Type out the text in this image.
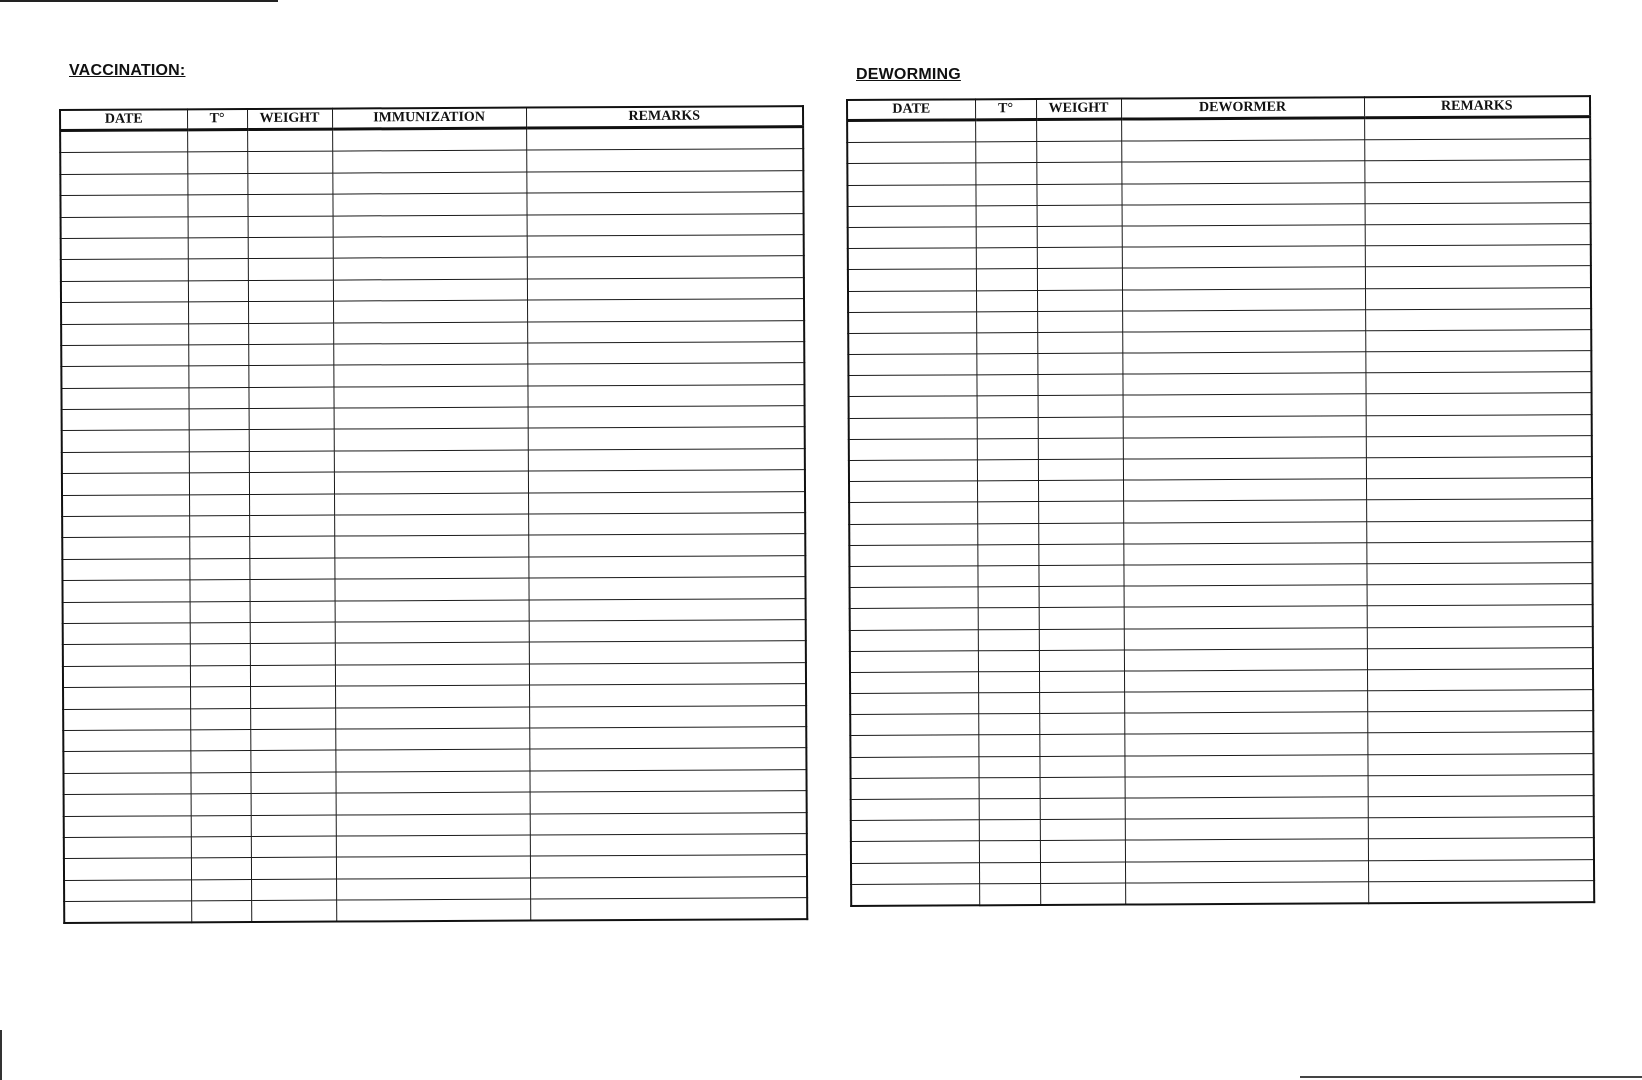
VACCINATION:
DATE	T°	WEIGHT	IMMUNIZATION	REMARKS

DEWORMING
DATE	T°	WEIGHT	DEWORMER	REMARKS
